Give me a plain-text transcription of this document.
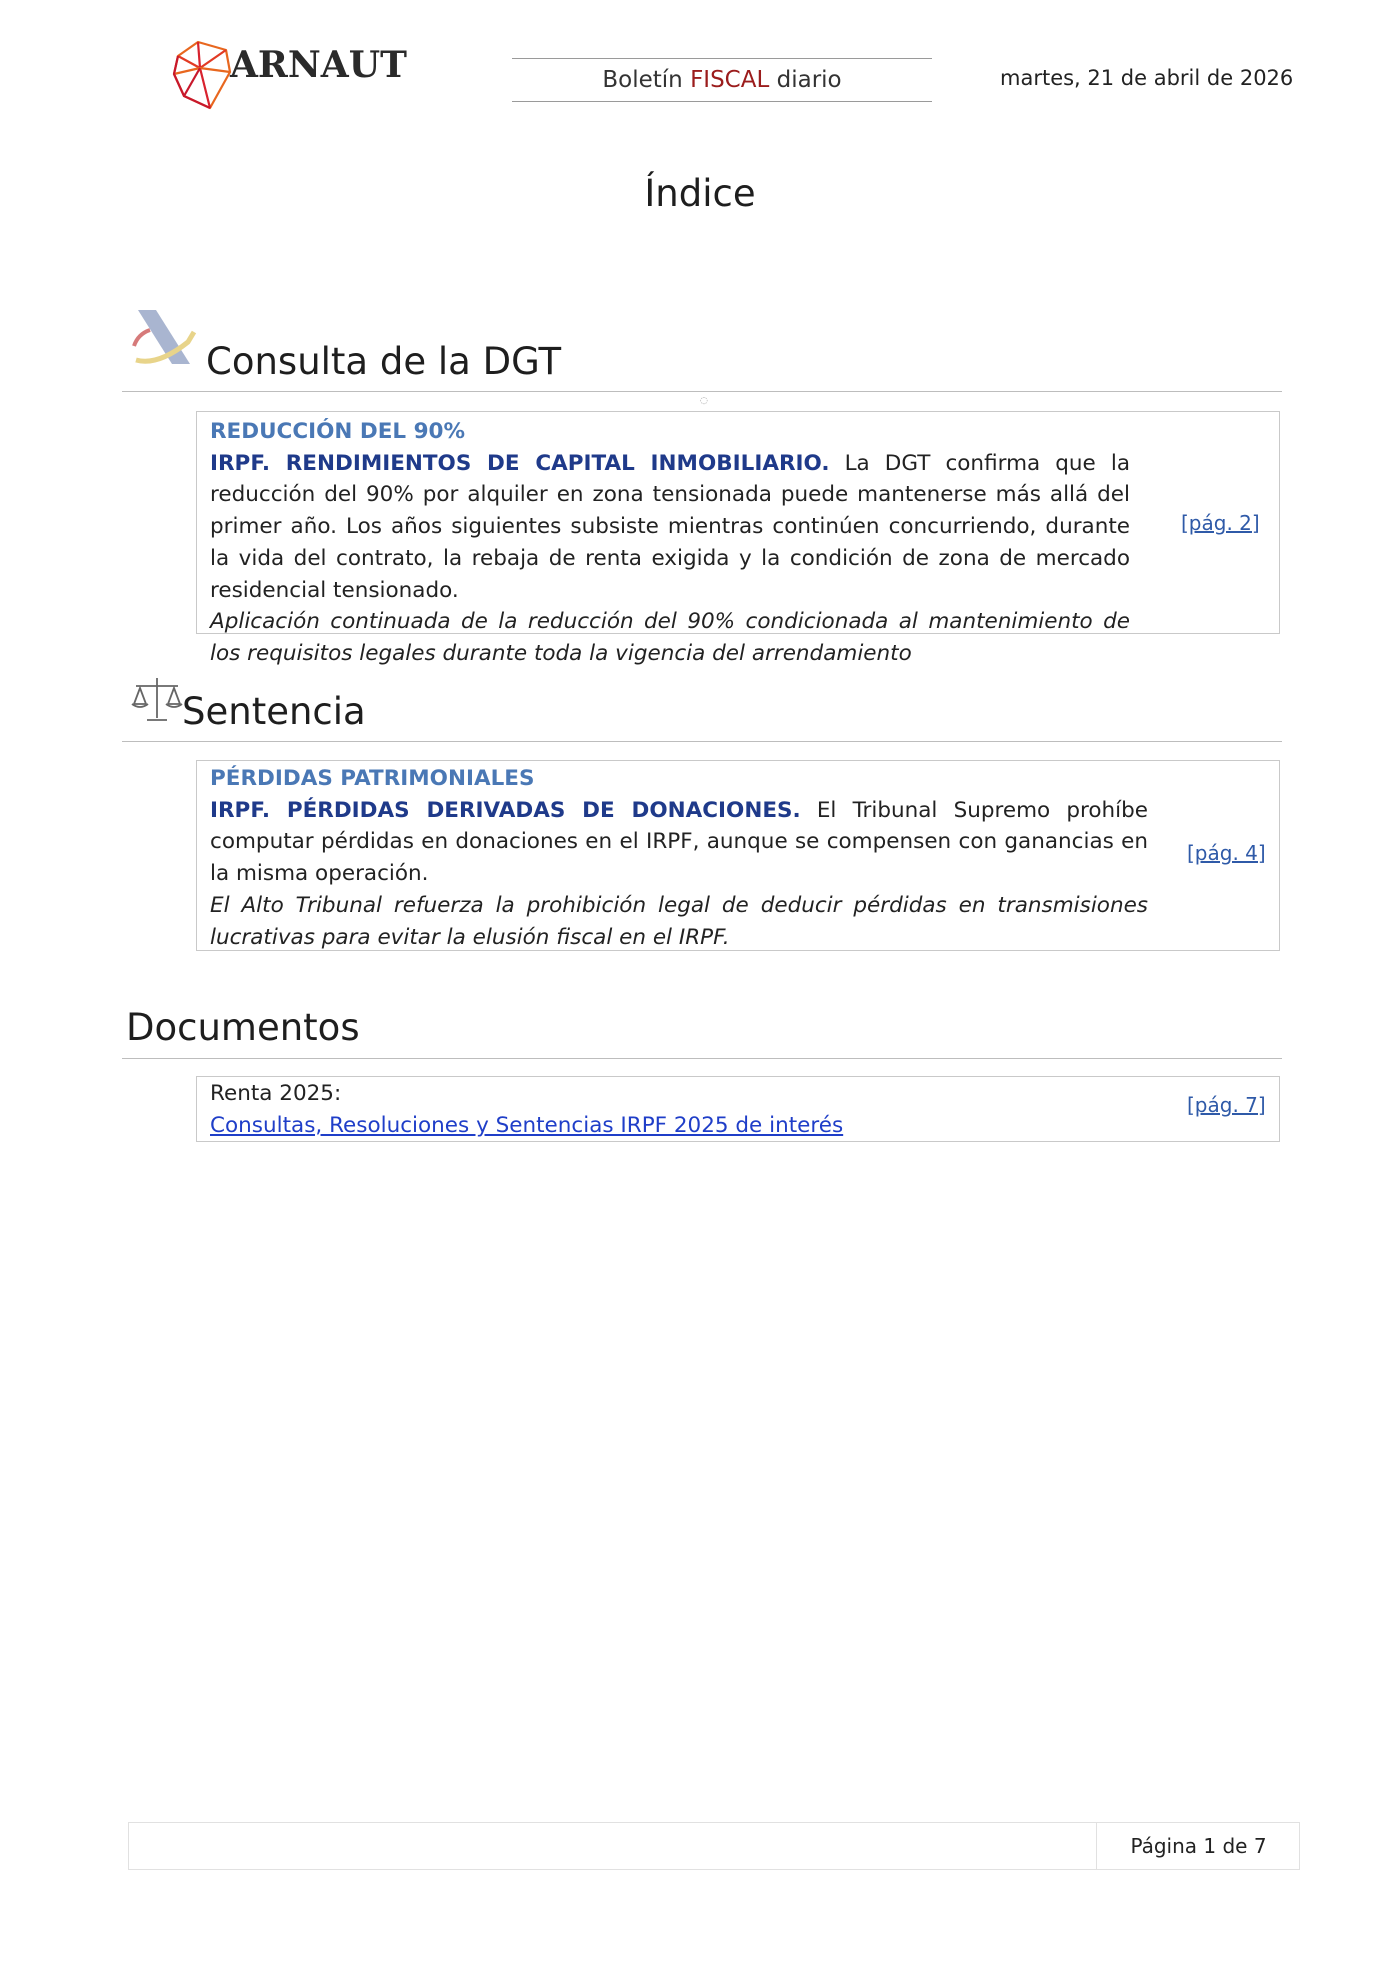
ARNAUT	Boletín FISCAL diario	martes, 21 de abril de 2026
Índice
Consulta de la DGT
◌
REDUCCIÓN DEL 90%
IRPF. RENDIMIENTOS DE CAPITAL INMOBILIARIO. La DGT confirma que la reducción del 90% por alquiler en zona tensionada puede mantenerse más allá del primer año. Los años siguientes subsiste mientras continúen concurriendo, durante la vida del contrato, la rebaja de renta exigida y la condición de zona de mercado residencial tensionado.
Aplicación continuada de la reducción del 90% condicionada al mantenimiento de los requisitos legales durante toda la vigencia del arrendamiento
[pág. 2]
Sentencia
PÉRDIDAS PATRIMONIALES
IRPF. PÉRDIDAS DERIVADAS DE DONACIONES. El Tribunal Supremo prohíbe computar pérdidas en donaciones en el IRPF, aunque se compensen con ganancias en la misma operación.
El Alto Tribunal refuerza la prohibición legal de deducir pérdidas en transmisiones lucrativas para evitar la elusión fiscal en el IRPF.
[pág. 4]
Documentos
Renta 2025:
Consultas, Resoluciones y Sentencias IRPF 2025 de interés
[pág. 7]
Página 1 de 7
